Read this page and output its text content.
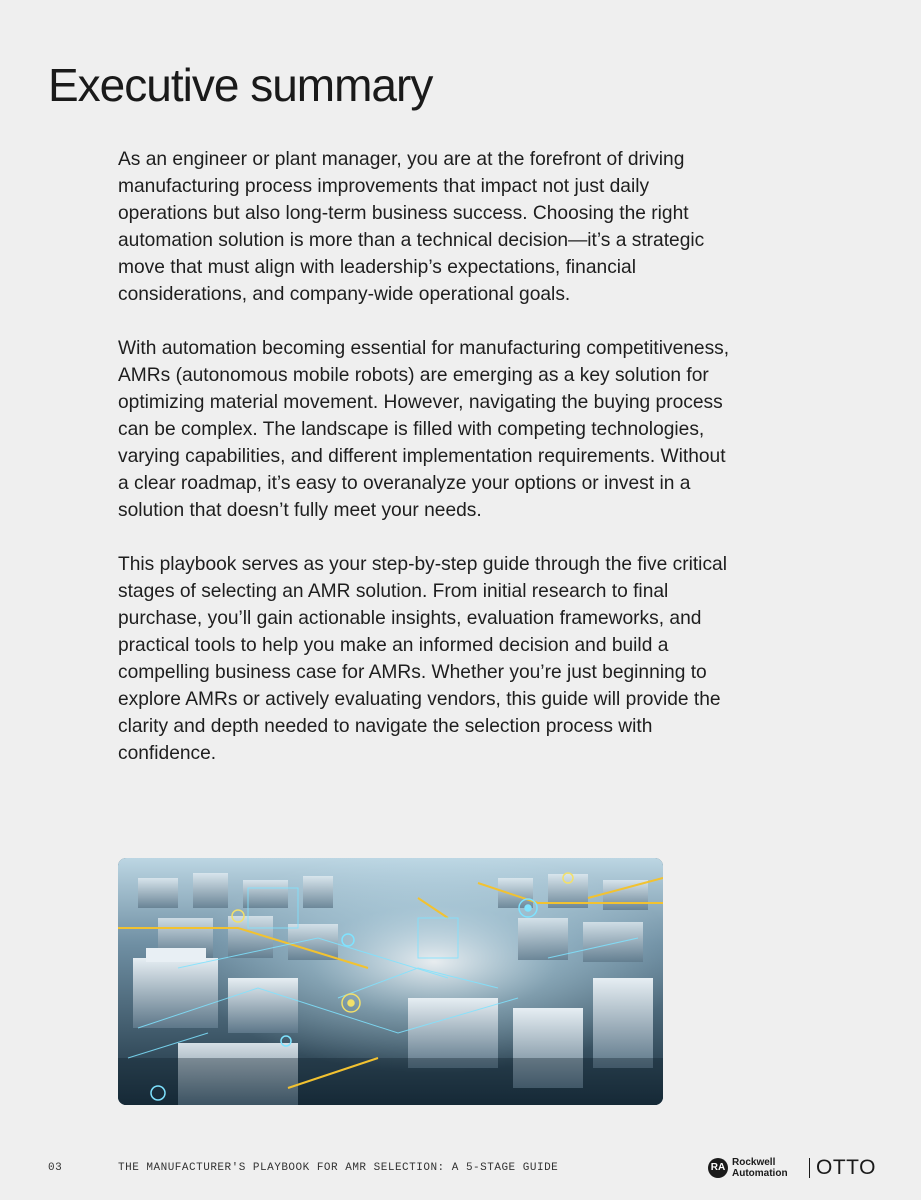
Executive summary

As an engineer or plant manager, you are at the forefront of driving manufacturing process improvements that impact not just daily operations but also long-term business success. Choosing the right automation solution is more than a technical decision—it’s a strategic move that must align with leadership’s expectations, financial considerations, and company-wide operational goals.

With automation becoming essential for manufacturing competitiveness, AMRs (autonomous mobile robots) are emerging as a key solution for optimizing material movement. However, navigating the buying process can be complex. The landscape is filled with competing technologies, varying capabilities, and different implementation requirements. Without a clear roadmap, it’s easy to overanalyze your options or invest in a solution that doesn’t fully meet your needs.

This playbook serves as your step-by-step guide through the five critical stages of selecting an AMR solution. From initial research to final purchase, you’ll gain actionable insights, evaluation frameworks, and practical tools to help you make an informed decision and build a compelling business case for AMRs. Whether you’re just beginning to explore AMRs or actively evaluating vendors, this guide will provide the clarity and depth needed to navigate the selection process with confidence.

03	THE MANUFACTURER'S PLAYBOOK FOR AMR SELECTION: A 5-STAGE GUIDE	RA Rockwell
Automation OTTO
